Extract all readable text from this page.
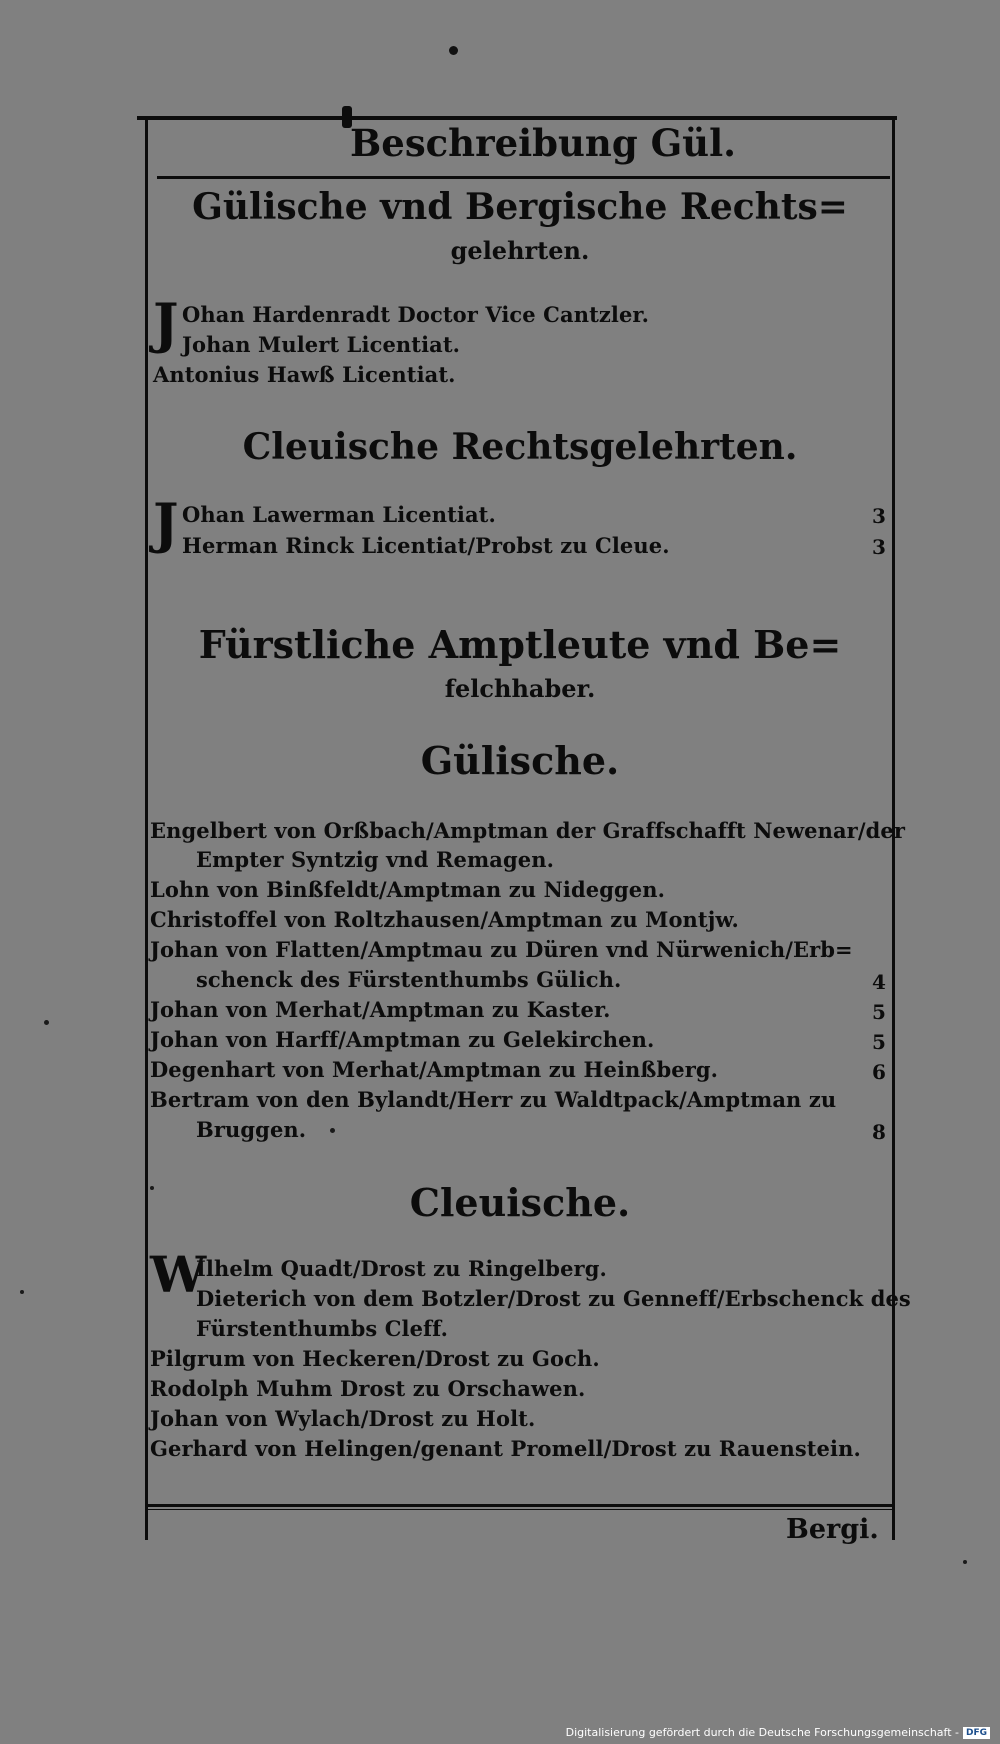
Beschreibung Gül.
Gülische vnd Bergische Rechts=
gelehrten.
J Ohan Hardenradt Doctor Vice Cantzler.
Johan Mulert Licentiat.
Antonius Hawß Licentiat.
Cleuische Rechtsgelehrten.
J Ohan Lawerman Licentiat.	3
Herman Rinck Licentiat/Probst zu Cleue.	3
Fürstliche Amptleute vnd Be=
felchhaber.
Gülische.
Engelbert von Orßbach/Amptman der Graffschafft Newenar/der
Empter Syntzig vnd Remagen.
Lohn von Binßfeldt/Amptman zu Nideggen.
Christoffel von Roltzhausen/Amptman zu Montjw.
Johan von Flatten/Amptmau zu Düren vnd Nürwenich/Erb=
schenck des Fürstenthumbs Gülich.	4
Johan von Merhat/Amptman zu Kaster.	5
Johan von Harff/Amptman zu Gelekirchen.	5
Degenhart von Merhat/Amptman zu Heinßberg.	6
Bertram von den Bylandt/Herr zu Waldtpack/Amptman zu
Bruggen.	8
Cleuische.
W
Ilhelm Quadt/Drost zu Ringelberg.
Dieterich von dem Botzler/Drost zu Genneff/Erbschenck des
Fürstenthumbs Cleff.
Pilgrum von Heckeren/Drost zu Goch.
Rodolph Muhm Drost zu Orschawen.
Johan von Wylach/Drost zu Holt.
Gerhard von Helingen/genant Promell/Drost zu Rauenstein.
Bergi.
Digitalisierung gefördert durch die Deutsche Forschungsgemeinschaft - DFG
